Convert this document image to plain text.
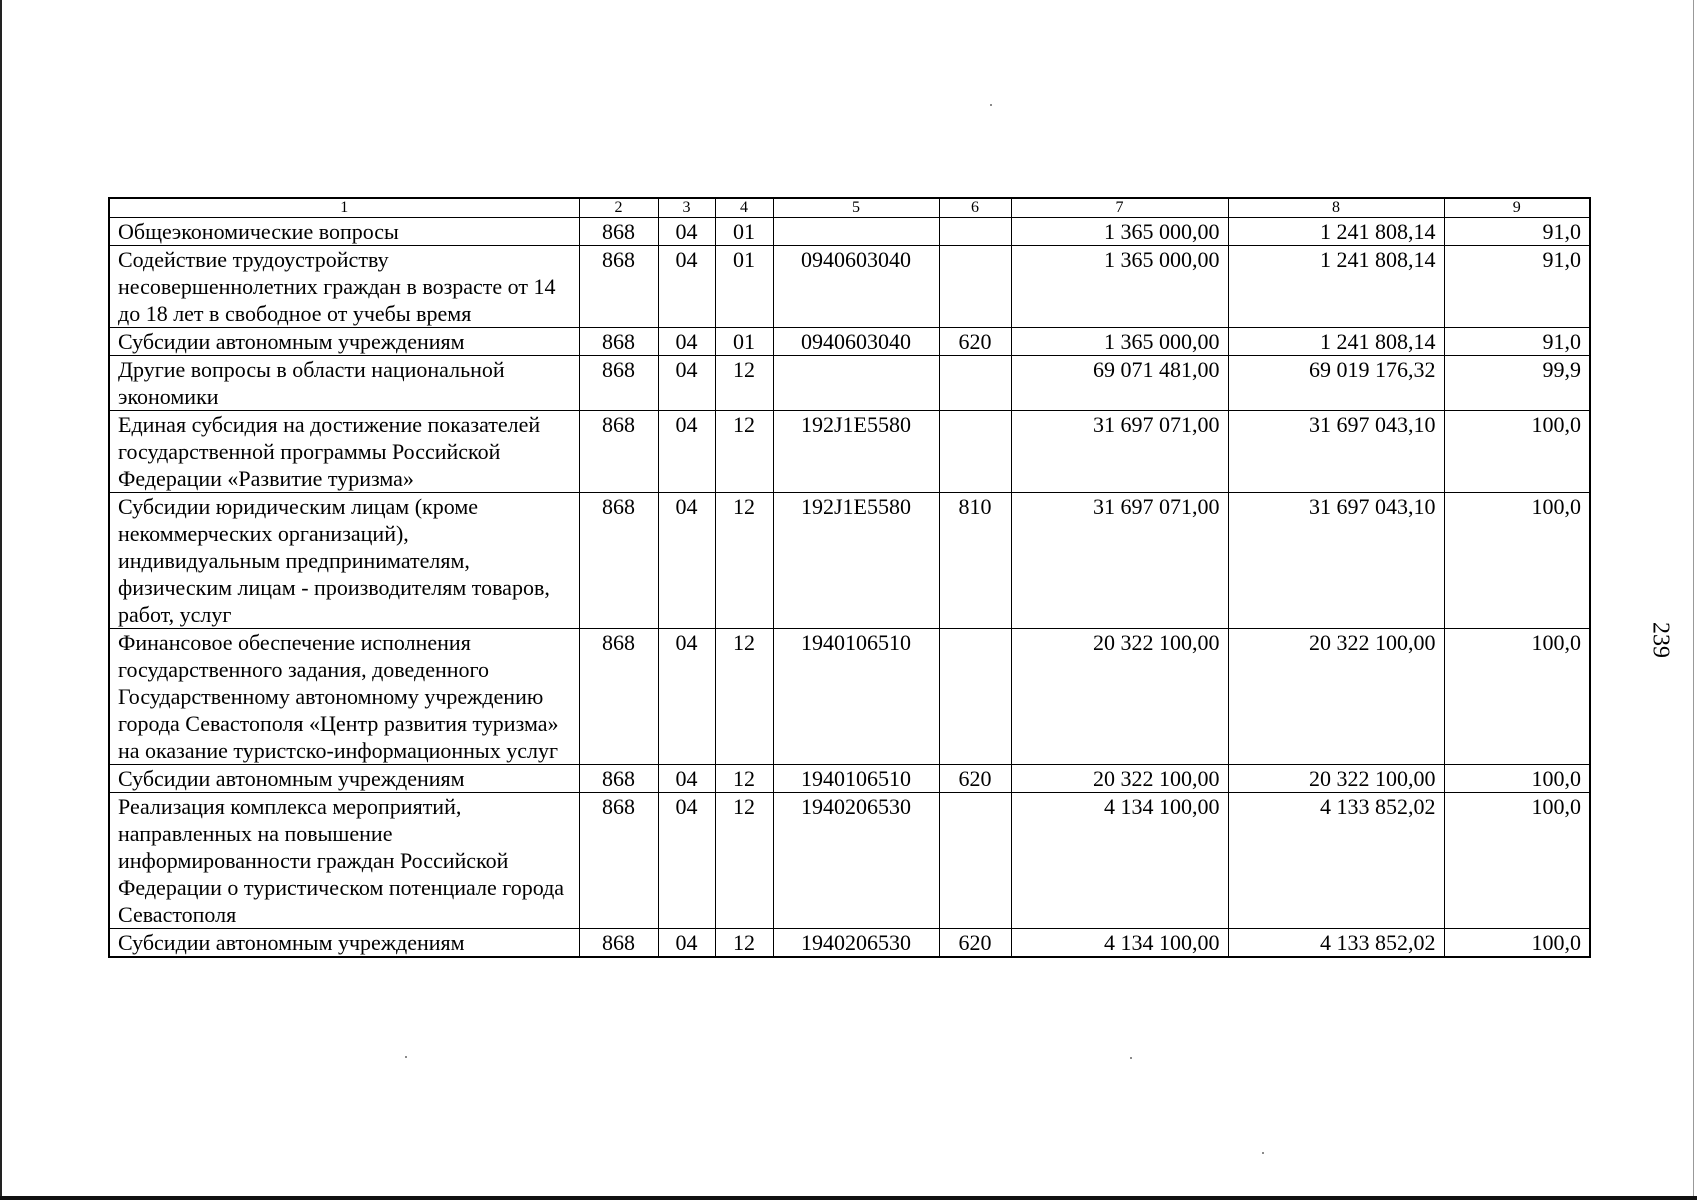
239
1	2	3	4	5	6	7	8	9
Общеэкономические вопросы	868	04	01			1 365 000,00	1 241 808,14	91,0
Содействие трудоустройству несовершеннолетних граждан в возрасте от 14 до 18 лет в свободное от учебы время	868	04	01	0940603040		1 365 000,00	1 241 808,14	91,0
Субсидии автономным учреждениям	868	04	01	0940603040	620	1 365 000,00	1 241 808,14	91,0
Другие вопросы в области национальной экономики	868	04	12			69 071 481,00	69 019 176,32	99,9
Единая субсидия на достижение показателей государственной программы Российской Федерации «Развитие туризма»	868	04	12	192J1E5580		31 697 071,00	31 697 043,10	100,0
Субсидии юридическим лицам (кроме некоммерческих организаций), индивидуальным предпринимателям, физическим лицам - производителям товаров, работ, услуг	868	04	12	192J1E5580	810	31 697 071,00	31 697 043,10	100,0
Финансовое обеспечение исполнения государственного задания, доведенного Государственному автономному учреждению города Севастополя «Центр развития туризма» на оказание туристско-информационных услуг	868	04	12	1940106510		20 322 100,00	20 322 100,00	100,0
Субсидии автономным учреждениям	868	04	12	1940106510	620	20 322 100,00	20 322 100,00	100,0
Реализация комплекса мероприятий, направленных на повышение информированности граждан Российской Федерации о туристическом потенциале города Севастополя	868	04	12	1940206530		4 134 100,00	4 133 852,02	100,0
Субсидии автономным учреждениям	868	04	12	1940206530	620	4 134 100,00	4 133 852,02	100,0
